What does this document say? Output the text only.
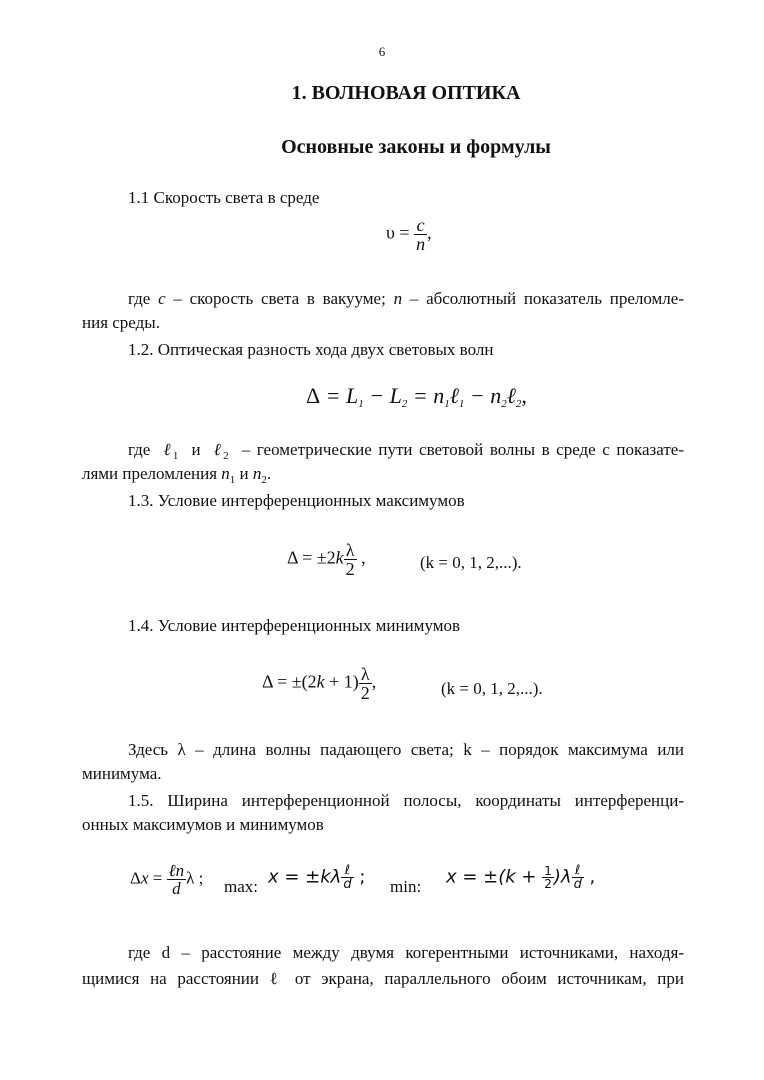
6
1. ВОЛНОВАЯ ОПТИКА
Основные законы и формулы
1.1 Скорость света в среде
$\upsilon = \frac{c}{n}$ ,
где c – скорость света в вакууме; n – абсолютный показатель преломле-
ния среды.
1.2. Оптическая разность хода двух световых волн
$\Delta = L_1 - L_2$ = $n_1\ell_1$ − $n_2\ell_2$,
где  ℓ$_1$  и  ℓ$_2$ – геометрические пути световой волны в среде с показате-
лями преломления $n_1$ и $n_2$.
1.3. Условие интерференционных максимумов
$\Delta = \pm 2k \frac{\lambda}{2}$ ,	(k = 0, 1, 2,...).
1.4. Условие интерференционных минимумов
$\Delta = \pm(2k + 1) \frac{\lambda}{2}$ ,	(k = 0, 1, 2,...).
Здесь λ – длина волны падающего света; k – порядок максимума или
минимума.
1.5. Ширина интерференционной полосы, координаты интерференци-
онных максимумов и минимумов
$\Delta x = \frac{\text{ℓn}}{d}$ λ ; max: $x = \pm k\lambda \frac{\text{ℓ}}{d}$ ; min: $x = \pm(k + \frac{1}{2} )\lambda \frac{\text{ℓ}}{d}$ ,
где d – расстояние между двумя когерентными источниками, находя-
щимися на расстоянии ℓ от экрана, параллельного обоим источникам, при
